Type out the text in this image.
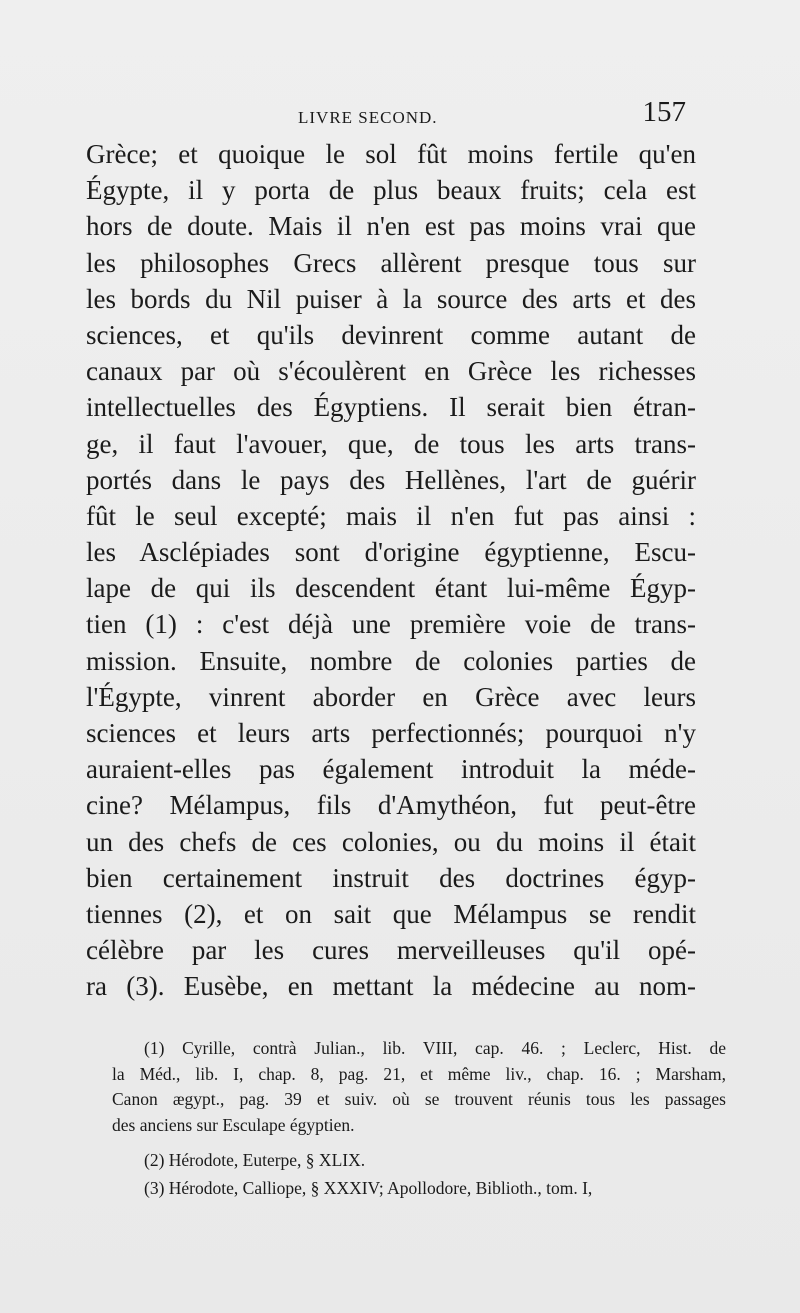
LIVRE SECOND.	157
Grèce; et quoique le sol fût moins fertile qu'en
Égypte, il y porta de plus beaux fruits; cela est
hors de doute. Mais il n'en est pas moins vrai que
les philosophes Grecs allèrent presque tous sur
les bords du Nil puiser à la source des arts et des
sciences, et qu'ils devinrent comme autant de
canaux par où s'écoulèrent en Grèce les richesses
intellectuelles des Égyptiens. Il serait bien étran-
ge, il faut l'avouer, que, de tous les arts trans-
portés dans le pays des Hellènes, l'art de guérir
fût le seul excepté; mais il n'en fut pas ainsi :
les Asclépiades sont d'origine égyptienne, Escu-
lape de qui ils descendent étant lui-même Égyp-
tien (1) : c'est déjà une première voie de trans-
mission. Ensuite, nombre de colonies parties de
l'Égypte, vinrent aborder en Grèce avec leurs
sciences et leurs arts perfectionnés; pourquoi n'y
auraient-elles pas également introduit la méde-
cine? Mélampus, fils d'Amythéon, fut peut-être
un des chefs de ces colonies, ou du moins il était
bien certainement instruit des doctrines égyp-
tiennes (2), et on sait que Mélampus se rendit
célèbre par les cures merveilleuses qu'il opé-
ra (3). Eusèbe, en mettant la médecine au nom-
(1) Cyrille, contrà Julian., lib. VIII, cap. 46. ; Leclerc, Hist. de
la Méd., lib. I, chap. 8, pag. 21, et même liv., chap. 16. ; Marsham,
Canon ægypt., pag. 39 et suiv. où se trouvent réunis tous les passages
des anciens sur Esculape égyptien.
(2) Hérodote, Euterpe, § XLIX.
(3) Hérodote, Calliope, § XXXIV; Apollodore, Biblioth., tom. I,
